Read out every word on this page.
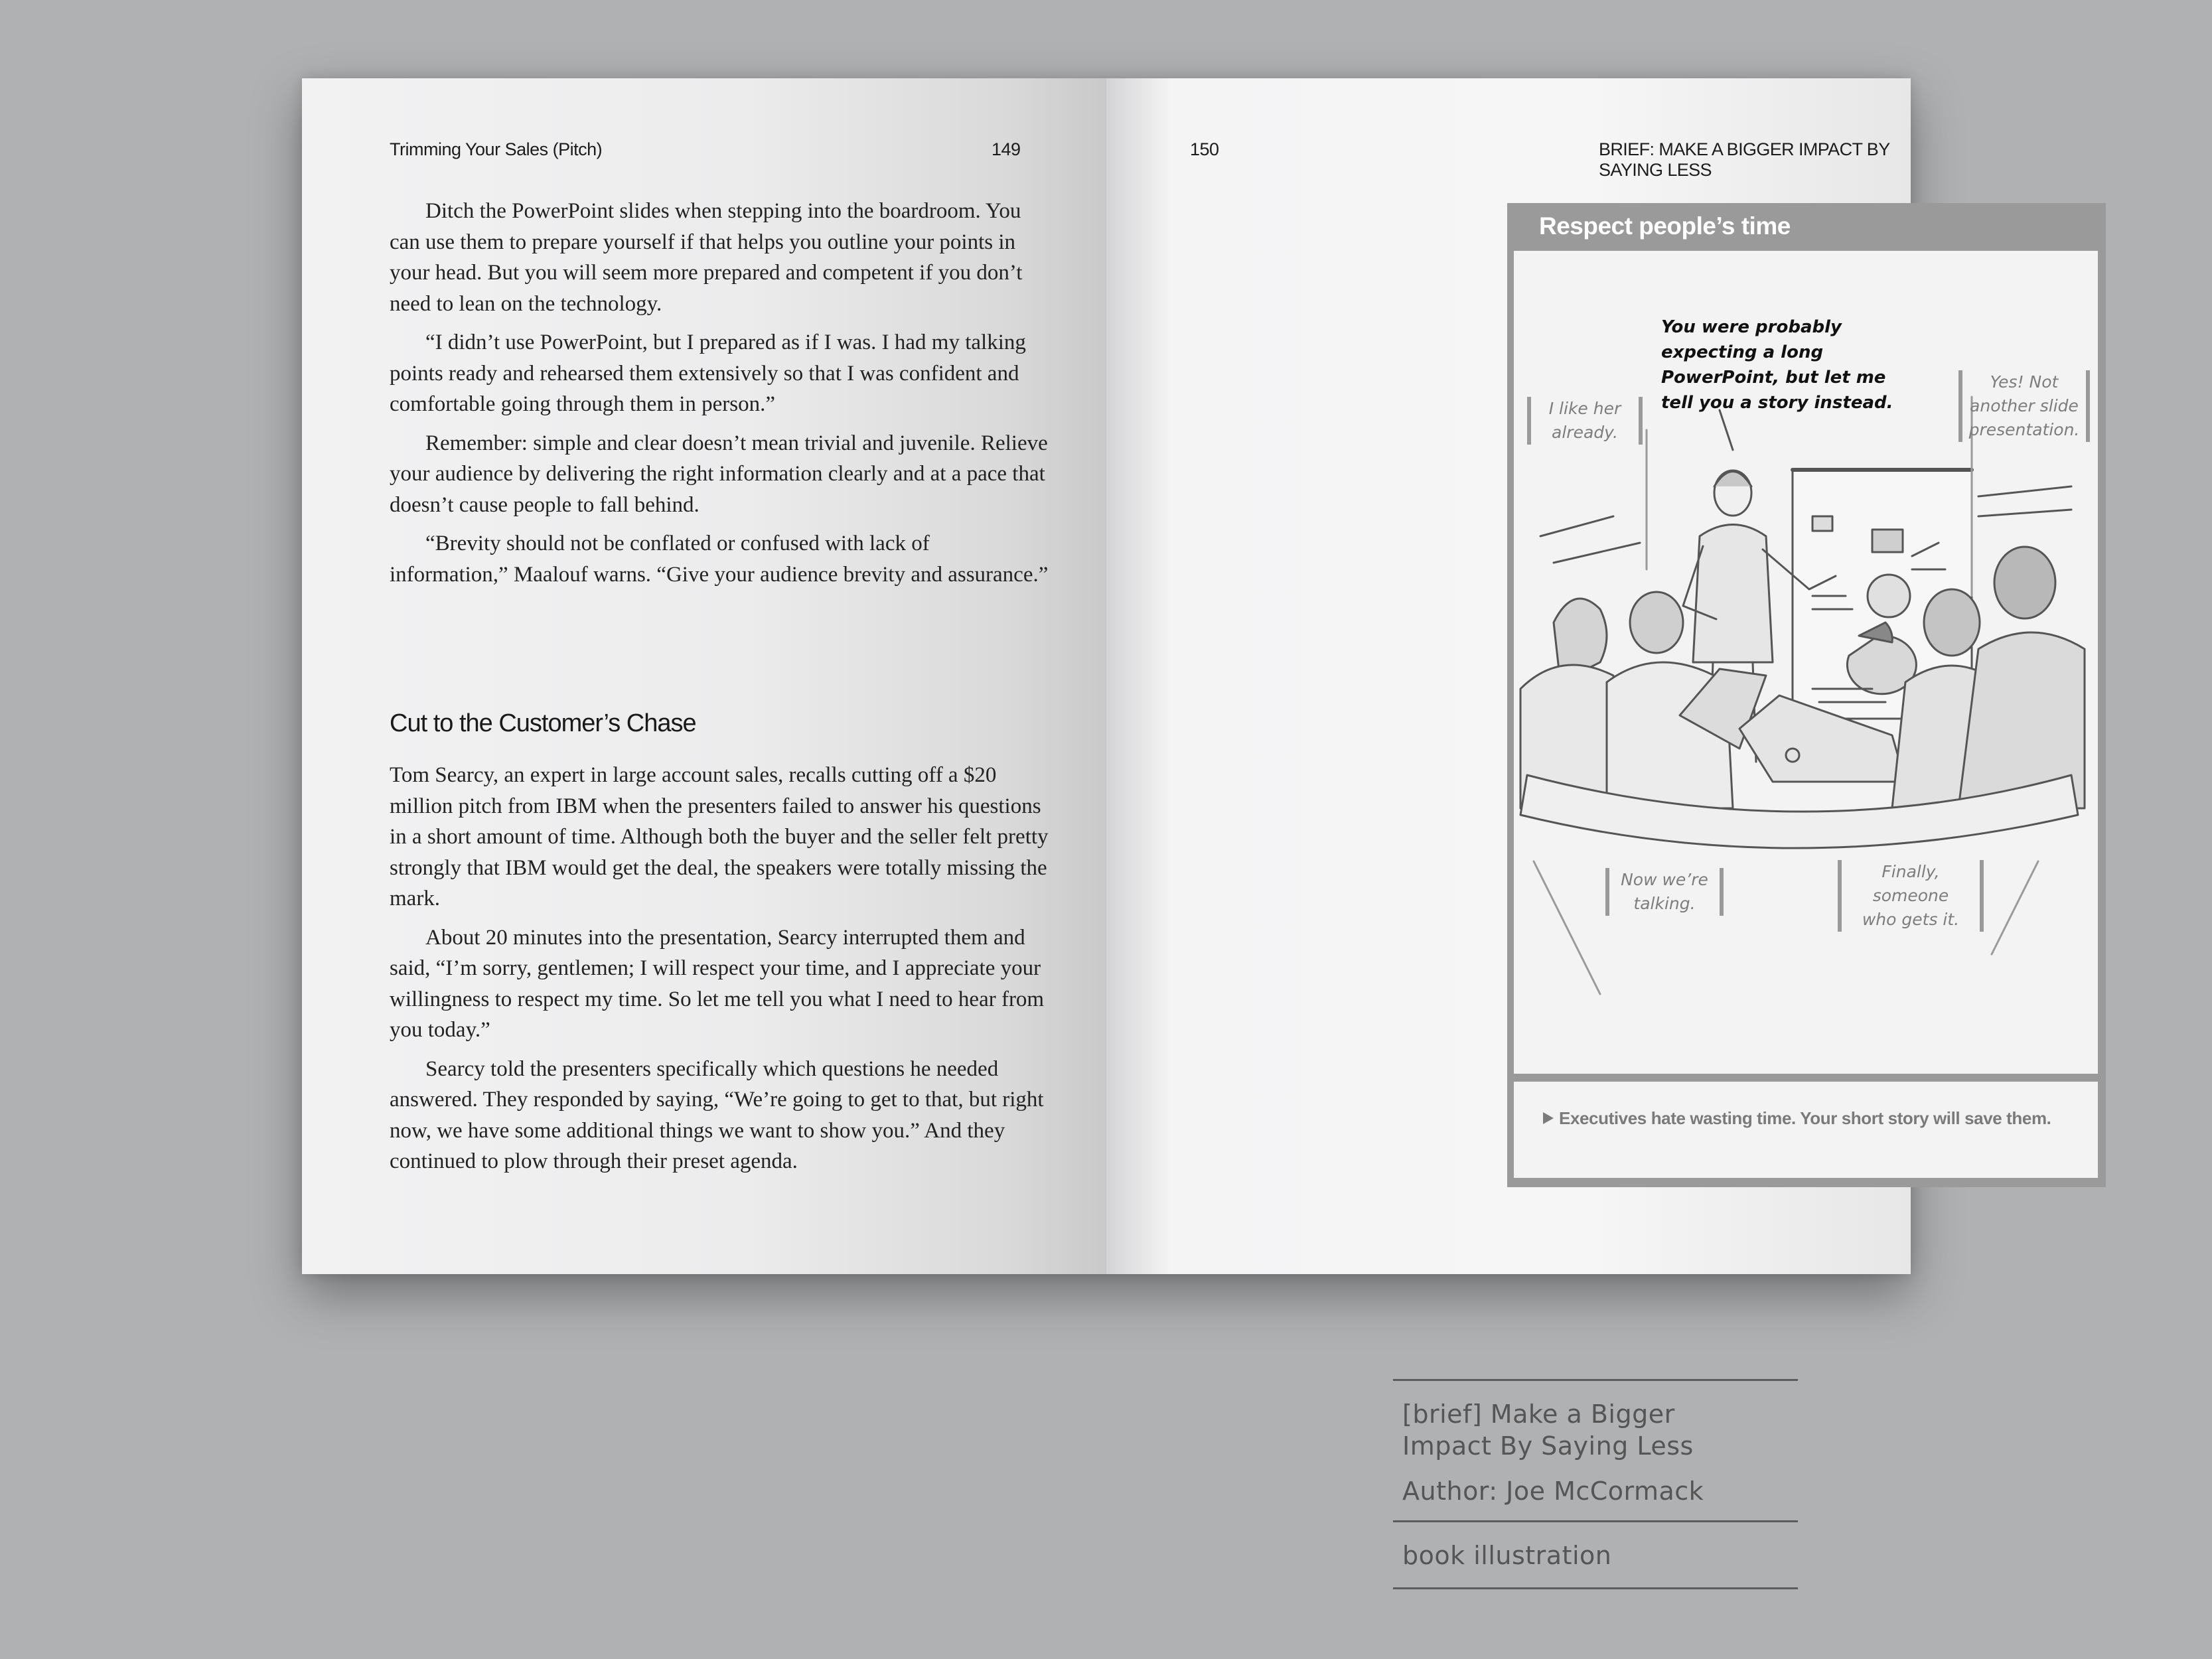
Trimming Your Sales (Pitch)	149

Ditch the PowerPoint slides when stepping into the boardroom. You can use them to prepare yourself if that helps you outline your points in your head. But you will seem more prepared and competent if you don’t need to lean on the technology.

“I didn’t use PowerPoint, but I prepared as if I was. I had my talking points ready and rehearsed them extensively so that I was confident and comfortable going through them in person.”

Remember: simple and clear doesn’t mean trivial and juvenile. Relieve your audience by delivering the right information clearly and at a pace that doesn’t cause people to fall behind.

“Brevity should not be conflated or confused with lack of information,” Maalouf warns. “Give your audience brevity and assurance.”

Cut to the Customer’s Chase

Tom Searcy, an expert in large account sales, recalls cutting off a $20 million pitch from IBM when the presenters failed to answer his questions in a short amount of time. Although both the buyer and the seller felt pretty strongly that IBM would get the deal, the speakers were totally missing the mark.

About 20 minutes into the presentation, Searcy interrupted them and said, “I’m sorry, gentlemen; I will respect your time, and I appreciate your willingness to respect my time. So let me tell you what I need to hear from you today.”

Searcy told the presenters specifically which questions he needed answered. They responded by saying, “We’re going to get to that, but right now, we have some additional things we want to show you.” And they continued to plow through their preset agenda.

150	BRIEF: MAKE A BIGGER IMPACT BY SAYING LESS
Respect people’s time
You were probably
expecting a long
PowerPoint, but let me
tell you a story instead.
I like her
already.
Yes! Not
another slide
presentation.
Now we’re
talking.
Finally, someone
who gets it.
Executives hate wasting time. Your short story will save them.
[brief] Make a Bigger
Impact By Saying Less
Author: Joe McCormack
book illustration
